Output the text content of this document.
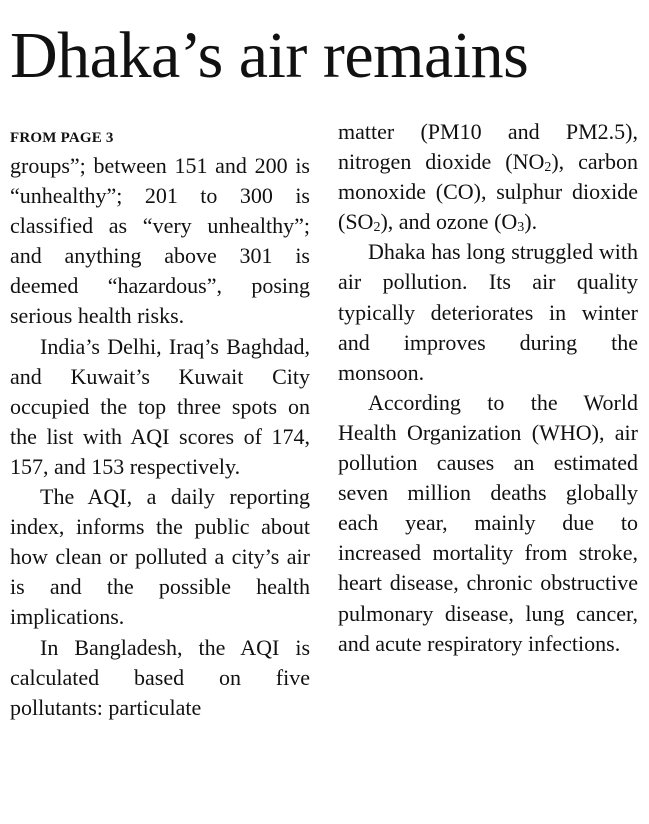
Dhaka’s air remains
FROM PAGE 3

groups”; between 151 and 200 is “unhealthy”; 201 to 300 is classified as “very unhealthy”; and anything above 301 is deemed “hazardous”, posing serious health risks.

India’s Delhi, Iraq’s Baghdad, and Kuwait’s Kuwait City occupied the top three spots on the list with AQI scores of 174, 157, and 153 respectively.

The AQI, a daily reporting index, informs the public about how clean or polluted a city’s air is and the possible health implications.

In Bangladesh, the AQI is calculated based on five pollutants: particulate

matter (PM10 and PM2.5), nitrogen dioxide $(NO_2)$, carbon monoxide (CO), sulphur dioxide $(SO_2)$, and ozone $(O_3)$.

Dhaka has long struggled with air pollution. Its air quality typically deteriorates in winter and improves during the monsoon.

According to the World Health Organization (WHO), air pollution causes an estimated seven million deaths globally each year, mainly due to increased mortality from stroke, heart disease, chronic obstructive pulmonary disease, lung cancer, and acute respiratory infections.
